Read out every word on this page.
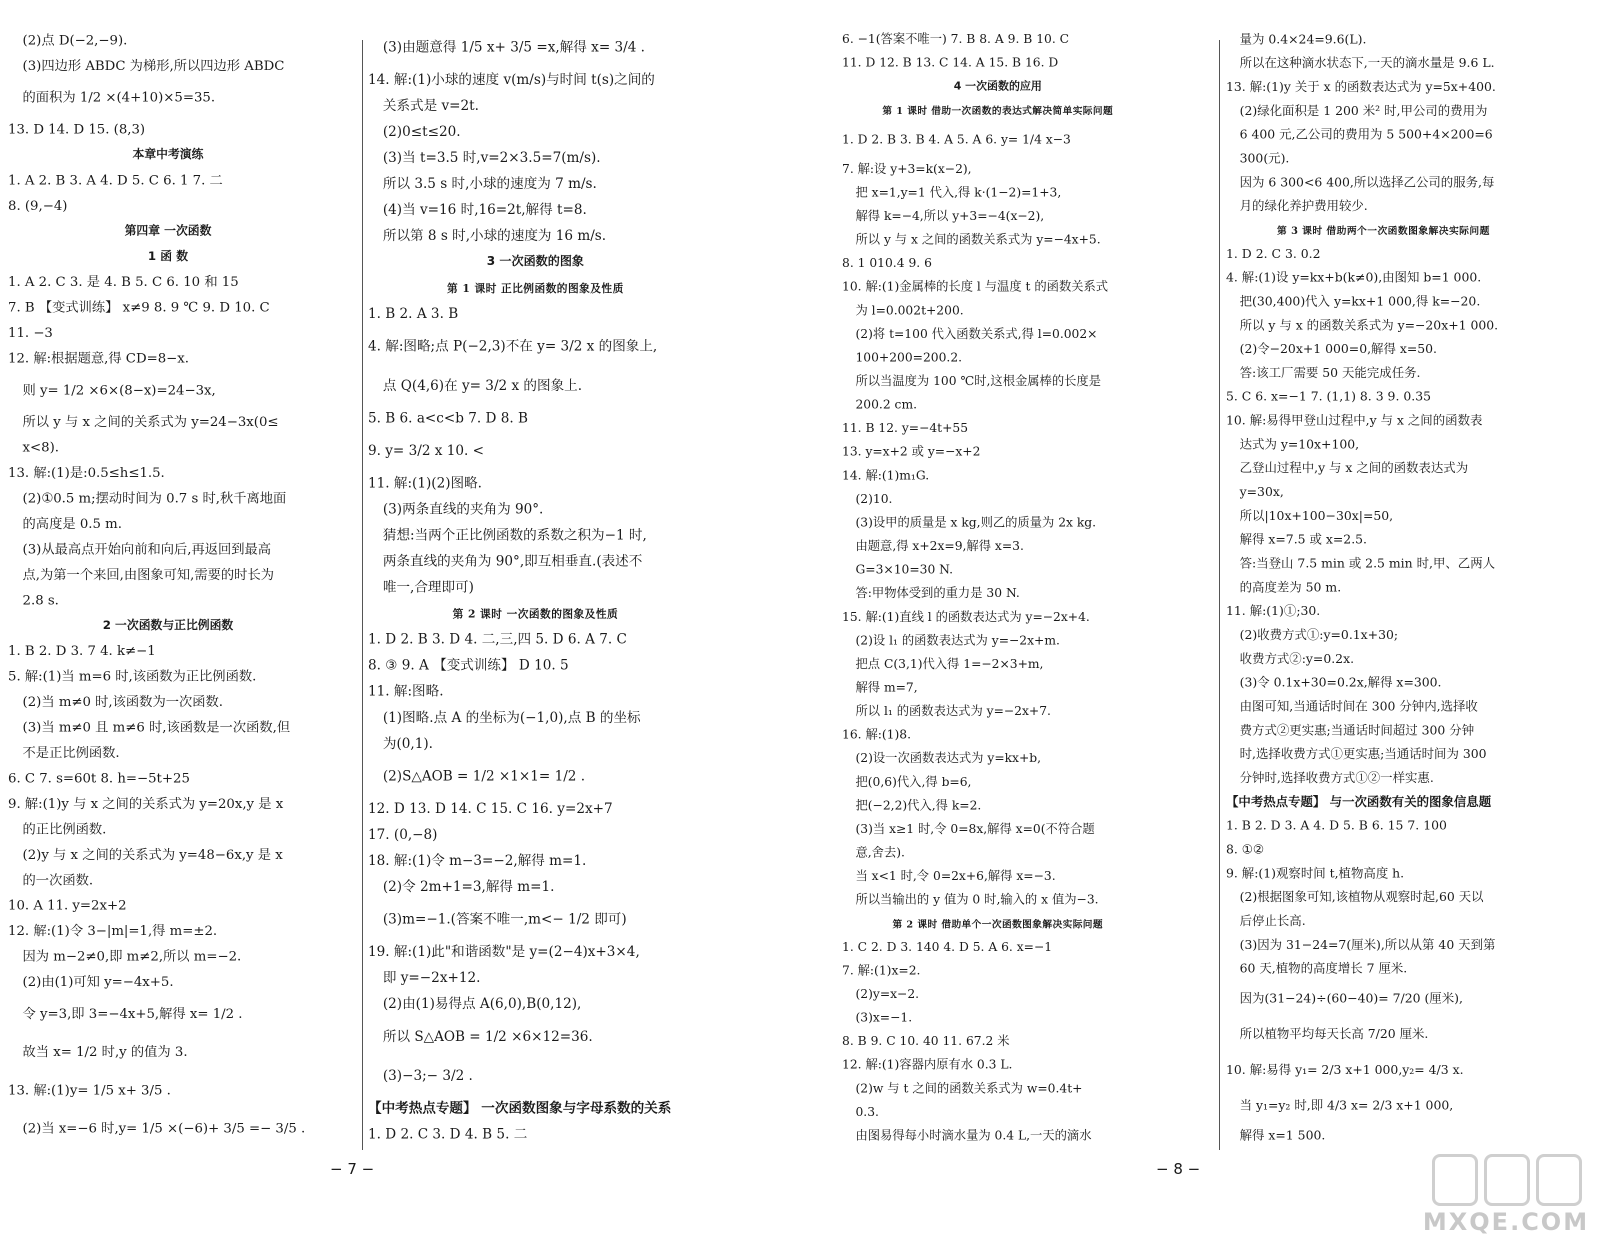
(2)点 D(−2,−9).
(3)四边形 ABDC 为梯形,所以四边形 ABDC
的面积为 1/2 ×(4+10)×5=35.
13. D 14. D 15. (8,3)
本章中考演练
1. A 2. B 3. A 4. D 5. C 6. 1 7. 二
8. (9,−4)
第四章 一次函数
1 函 数
1. A 2. C 3. 是 4. B 5. C 6. 10 和 15
7. B 【变式训练】 x≠9 8. 9 ℃ 9. D 10. C
11. −3
12. 解:根据题意,得 CD=8−x.
则 y= 1/2 ×6×(8−x)=24−3x,
所以 y 与 x 之间的关系式为 y=24−3x(0≤
x<8).
13. 解:(1)是:0.5≤h≤1.5.
(2)①0.5 m;摆动时间为 0.7 s 时,秋千离地面
的高度是 0.5 m.
(3)从最高点开始向前和向后,再返回到最高
点,为第一个来回,由图象可知,需要的时长为
2.8 s.
2 一次函数与正比例函数
1. B 2. D 3. 7 4. k≠−1
5. 解:(1)当 m=6 时,该函数为正比例函数.
(2)当 m≠0 时,该函数为一次函数.
(3)当 m≠0 且 m≠6 时,该函数是一次函数,但
不是正比例函数.
6. C 7. s=60t 8. h=−5t+25
9. 解:(1)y 与 x 之间的关系式为 y=20x,y 是 x
的正比例函数.
(2)y 与 x 之间的关系式为 y=48−6x,y 是 x
的一次函数.
10. A 11. y=2x+2
12. 解:(1)令 3−|m|=1,得 m=±2.
因为 m−2≠0,即 m≠2,所以 m=−2.
(2)由(1)可知 y=−4x+5.
令 y=3,即 3=−4x+5,解得 x= 1/2 .
故当 x= 1/2 时,y 的值为 3.
13. 解:(1)y= 1/5 x+ 3/5 .
(2)当 x=−6 时,y= 1/5 ×(−6)+ 3/5 =− 3/5 .
(3)由题意得 1/5 x+ 3/5 =x,解得 x= 3/4 .
14. 解:(1)小球的速度 v(m/s)与时间 t(s)之间的
关系式是 v=2t.
(2)0≤t≤20.
(3)当 t=3.5 时,v=2×3.5=7(m/s).
所以 3.5 s 时,小球的速度为 7 m/s.
(4)当 v=16 时,16=2t,解得 t=8.
所以第 8 s 时,小球的速度为 16 m/s.
3 一次函数的图象
第 1 课时 正比例函数的图象及性质
1. B 2. A 3. B
4. 解:图略;点 P(−2,3)不在 y= 3/2 x 的图象上,
点 Q(4,6)在 y= 3/2 x 的图象上.
5. B 6. a<c<b 7. D 8. B
9. y= 3/2 x 10. <
11. 解:(1)(2)图略.
(3)两条直线的夹角为 90°.
猜想:当两个正比例函数的系数之积为−1 时,
两条直线的夹角为 90°,即互相垂直.(表述不
唯一,合理即可)
第 2 课时 一次函数的图象及性质
1. D 2. B 3. D 4. 二,三,四 5. D 6. A 7. C
8. ③ 9. A 【变式训练】 D 10. 5
11. 解:图略.
(1)图略.点 A 的坐标为(−1,0),点 B 的坐标
为(0,1).
(2)S△AOB = 1/2 ×1×1= 1/2 .
12. D 13. D 14. C 15. C 16. y=2x+7
17. (0,−8)
18. 解:(1)令 m−3=−2,解得 m=1.
(2)令 2m+1=3,解得 m=1.
(3)m=−1.(答案不唯一,m<− 1/2 即可)
19. 解:(1)此"和谐函数"是 y=(2−4)x+3×4,
即 y=−2x+12.
(2)由(1)易得点 A(6,0),B(0,12),
所以 S△AOB = 1/2 ×6×12=36.
(3)−3;− 3/2 .
【中考热点专题】 一次函数图象与字母系数的关系
1. D 2. C 3. D 4. B 5. 二
6. −1(答案不唯一) 7. B 8. A 9. B 10. C
11. D 12. B 13. C 14. A 15. B 16. D
4 一次函数的应用
第 1 课时 借助一次函数的表达式解决简单实际问题
1. D 2. B 3. B 4. A 5. A 6. y= 1/4 x−3
7. 解:设 y+3=k(x−2),
把 x=1,y=1 代入,得 k·(1−2)=1+3,
解得 k=−4,所以 y+3=−4(x−2),
所以 y 与 x 之间的函数关系式为 y=−4x+5.
8. 1 010.4 9. 6
10. 解:(1)金属棒的长度 l 与温度 t 的函数关系式
为 l=0.002t+200.
(2)将 t=100 代入函数关系式,得 l=0.002×
100+200=200.2.
所以当温度为 100 ℃时,这根金属棒的长度是
200.2 cm.
11. B 12. y=−4t+55
13. y=x+2 或 y=−x+2
14. 解:(1)m₁G.
(2)10.
(3)设甲的质量是 x kg,则乙的质量为 2x kg.
由题意,得 x+2x=9,解得 x=3.
G=3×10=30 N.
答:甲物体受到的重力是 30 N.
15. 解:(1)直线 l 的函数表达式为 y=−2x+4.
(2)设 l₁ 的函数表达式为 y=−2x+m.
把点 C(3,1)代入得 1=−2×3+m,
解得 m=7,
所以 l₁ 的函数表达式为 y=−2x+7.
16. 解:(1)8.
(2)设一次函数表达式为 y=kx+b,
把(0,6)代入,得 b=6,
把(−2,2)代入,得 k=2.
(3)当 x≥1 时,令 0=8x,解得 x=0(不符合题
意,舍去).
当 x<1 时,令 0=2x+6,解得 x=−3.
所以当输出的 y 值为 0 时,输入的 x 值为−3.
第 2 课时 借助单个一次函数图象解决实际问题
1. C 2. D 3. 140 4. D 5. A 6. x=−1
7. 解:(1)x=2.
(2)y=x−2.
(3)x=−1.
8. B 9. C 10. 40 11. 67.2 米
12. 解:(1)容器内原有水 0.3 L.
(2)w 与 t 之间的函数关系式为 w=0.4t+
0.3.
由图易得每小时滴水量为 0.4 L,一天的滴水
量为 0.4×24=9.6(L).
所以在这种滴水状态下,一天的滴水量是 9.6 L.
13. 解:(1)y 关于 x 的函数表达式为 y=5x+400.
(2)绿化面积是 1 200 米² 时,甲公司的费用为
6 400 元,乙公司的费用为 5 500+4×200=6
300(元).
因为 6 300<6 400,所以选择乙公司的服务,每
月的绿化养护费用较少.
第 3 课时 借助两个一次函数图象解决实际问题
1. D 2. C 3. 0.2
4. 解:(1)设 y=kx+b(k≠0),由图知 b=1 000.
把(30,400)代入 y=kx+1 000,得 k=−20.
所以 y 与 x 的函数关系式为 y=−20x+1 000.
(2)令−20x+1 000=0,解得 x=50.
答:该工厂需要 50 天能完成任务.
5. C 6. x=−1 7. (1,1) 8. 3 9. 0.35
10. 解:易得甲登山过程中,y 与 x 之间的函数表
达式为 y=10x+100,
乙登山过程中,y 与 x 之间的函数表达式为
y=30x,
所以|10x+100−30x|=50,
解得 x=7.5 或 x=2.5.
答:当登山 7.5 min 或 2.5 min 时,甲、乙两人
的高度差为 50 m.
11. 解:(1)①;30.
(2)收费方式①:y=0.1x+30;
收费方式②:y=0.2x.
(3)令 0.1x+30=0.2x,解得 x=300.
由图可知,当通话时间在 300 分钟内,选择收
费方式②更实惠;当通话时间超过 300 分钟
时,选择收费方式①更实惠;当通话时间为 300
分钟时,选择收费方式①②一样实惠.
【中考热点专题】 与一次函数有关的图象信息题
1. B 2. D 3. A 4. D 5. B 6. 15 7. 100
8. ①②
9. 解:(1)观察时间 t,植物高度 h.
(2)根据图象可知,该植物从观察时起,60 天以
后停止长高.
(3)因为 31−24=7(厘米),所以从第 40 天到第
60 天,植物的高度增长 7 厘米.
因为(31−24)÷(60−40)= 7/20 (厘米),
所以植物平均每天长高 7/20 厘米.
10. 解:易得 y₁= 2/3 x+1 000,y₂= 4/3 x.
当 y₁=y₂ 时,即 4/3 x= 2/3 x+1 000,
解得 x=1 500.
− 7 −	− 8 −
MXQE.COM
